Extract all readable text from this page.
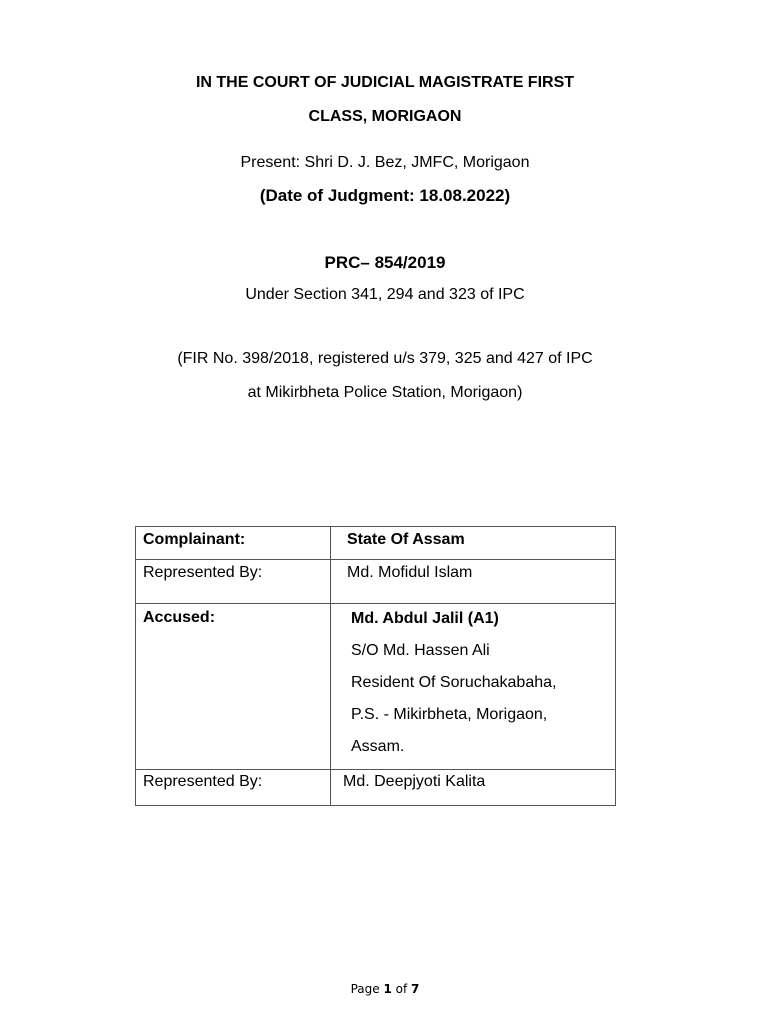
IN THE COURT OF JUDICIAL MAGISTRATE FIRST
CLASS, MORIGAON
Present: Shri D. J. Bez, JMFC, Morigaon
(Date of Judgment: 18.08.2022)
PRC– 854/2019
Under Section 341, 294 and 323 of IPC
(FIR No. 398/2018, registered u/s 379, 325 and 427 of IPC
at Mikirbheta Police Station, Morigaon)
Complainant:	State Of Assam
Represented By:	Md. Mofidul Islam
Accused:	Md. Abdul Jalil (A1)
S/O Md. Hassen Ali
Resident Of Soruchakabaha,
P.S. - Mikirbheta, Morigaon,
Assam.

Represented By:	Md. Deepjyoti Kalita
Page 1 of 7
